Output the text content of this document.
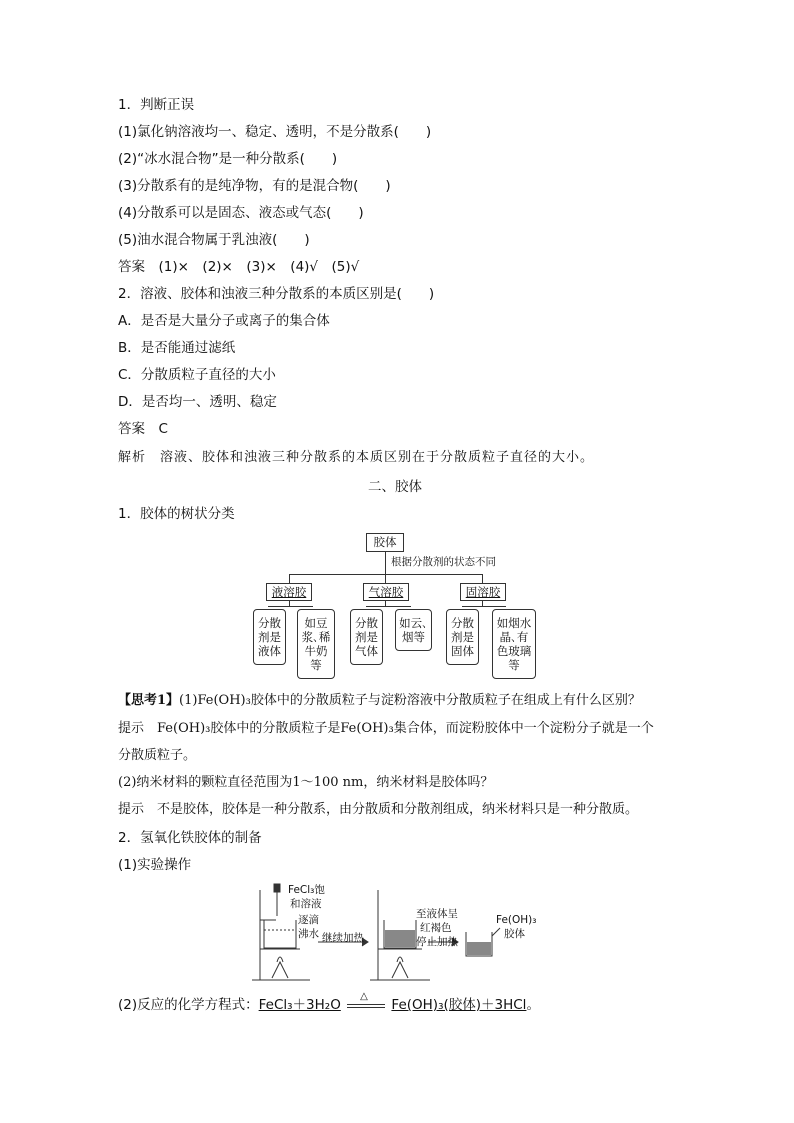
1．判断正误
(1)氯化钠溶液均一、稳定、透明，不是分散系(　　)
(2)“冰水混合物”是一种分散系(　　)
(3)分散系有的是纯净物，有的是混合物(　　)
(4)分散系可以是固态、液态或气态(　　)
(5)油水混合物属于乳浊液(　　)
答案　(1)×　(2)×　(3)×　(4)√　(5)√
2．溶液、胶体和浊液三种分散系的本质区别是(　　)
A．是否是大量分子或离子的集合体
B．是否能通过滤纸
C．分散质粒子直径的大小
D．是否均一、透明、稳定
答案　C
解析　溶液、胶体和浊液三种分散系的本质区别在于分散质粒子直径的大小。
二、胶体
1．胶体的树状分类
胶体
根据分散剂的状态不同
液溶胶	气溶胶	固溶胶
分散
剂是
液体
如豆
浆､稀
牛奶
等
分散
剂是
气体
如云､
烟等
分散
剂是
固体
如烟水
晶､有
色玻璃
等
【思考1】(1)Fe(OH)₃胶体中的分散质粒子与淀粉溶液中分散质粒子在组成上有什么区别？
提示　Fe(OH)₃胶体中的分散质粒子是Fe(OH)₃集合体，而淀粉胶体中一个淀粉分子就是一个
分散质粒子。
(2)纳米材料的颗粒直径范围为1～100 nm，纳米材料是胶体吗？
提示　不是胶体，胶体是一种分散系，由分散质和分散剂组成，纳米材料只是一种分散质。
2．氢氧化铁胶体的制备
(1)实验操作
FeCl₃饱
和溶液
逐滴
沸水 继续加热
至液体呈
红褐色
停止加热
Fe(OH)₃
胶体
(2)反应的化学方程式：FeCl₃＋3H₂O
△
Fe(OH)₃(胶体)＋3HCl。
